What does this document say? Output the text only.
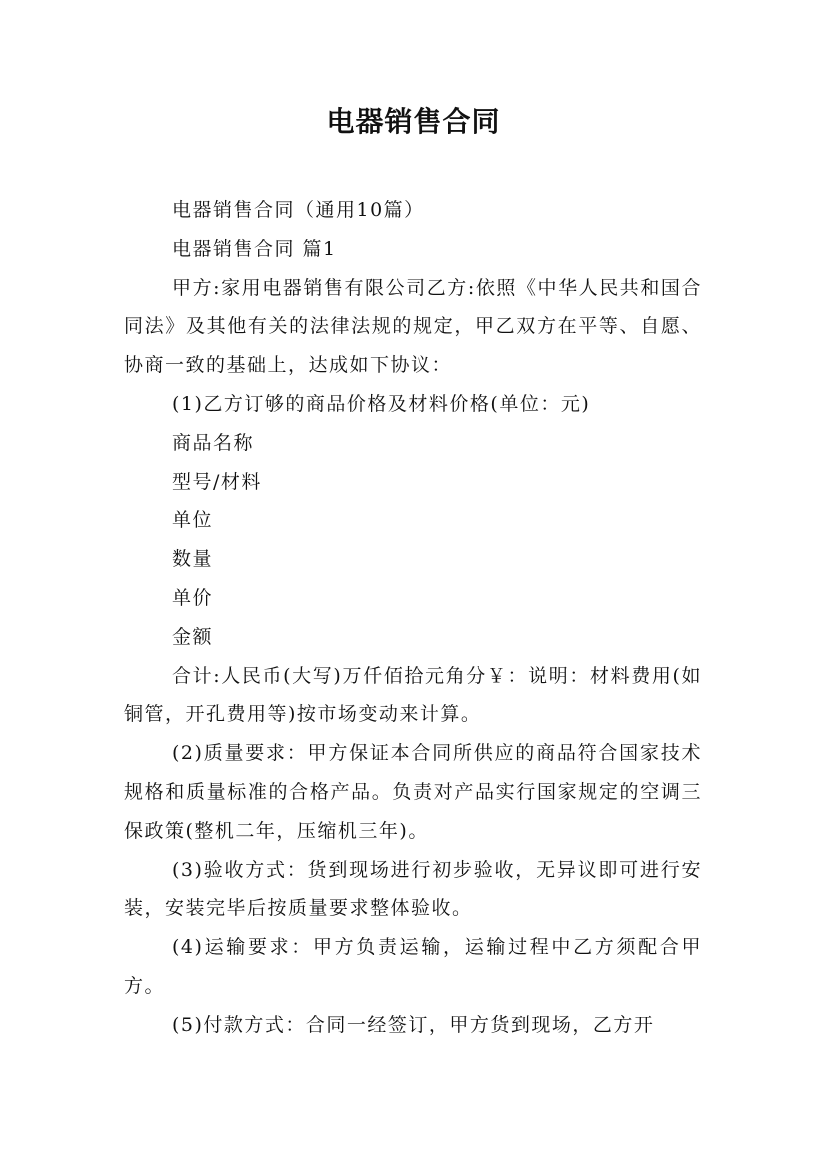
电器销售合同

电器销售合同（通用10篇）

电器销售合同 篇1

甲方:家用电器销售有限公司乙方:依照《中华人民共和国合同法》及其他有关的法律法规的规定，甲乙双方在平等、自愿、协商一致的基础上，达成如下协议：

(1)乙方订够的商品价格及材料价格(单位：元)

商品名称

型号/材料

单位

数量

单价

金额

合计:人民币(大写)万仟佰拾元角分￥：说明：材料费用(如铜管，开孔费用等)按市场变动来计算。

(2)质量要求：甲方保证本合同所供应的商品符合国家技术规格和质量标准的合格产品。负责对产品实行国家规定的空调三保政策(整机二年，压缩机三年)。

(3)验收方式：货到现场进行初步验收，无异议即可进行安装，安装完毕后按质量要求整体验收。

(4)运输要求：甲方负责运输，运输过程中乙方须配合甲方。

(5)付款方式：合同一经签订，甲方货到现场，乙方开
